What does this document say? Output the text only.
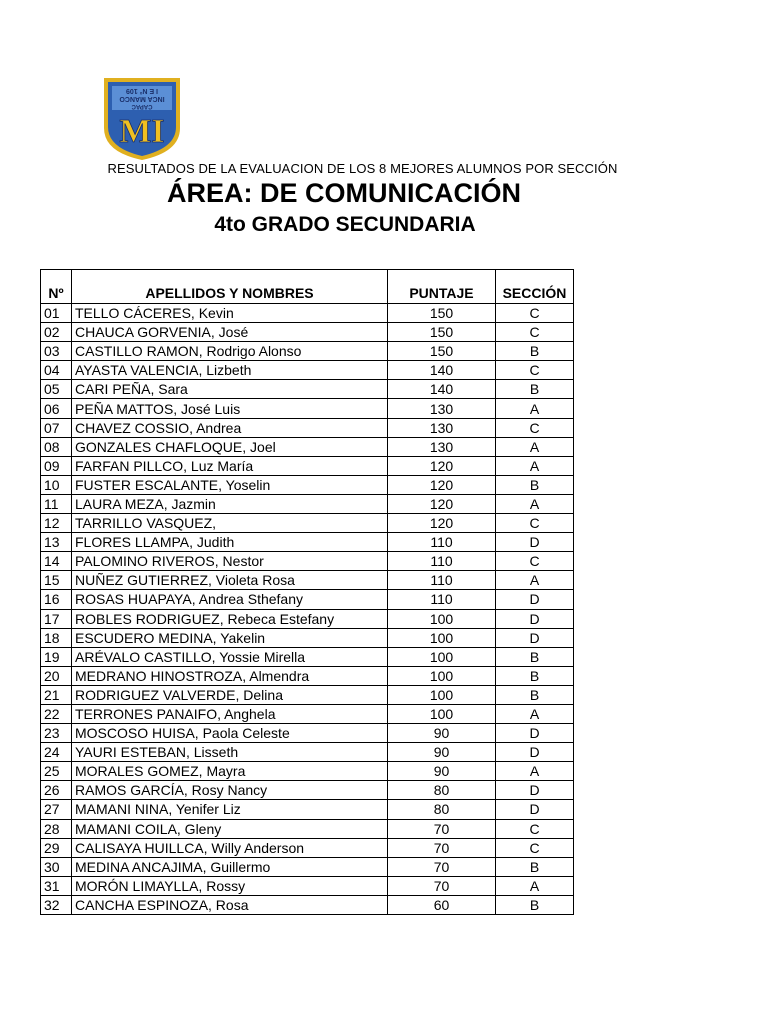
I E N° 109
INCA MANCO
CAPAC
MI
RESULTADOS DE LA EVALUACION DE LOS 8 MEJORES ALUMNOS POR SECCIÓN
ÁREA: DE COMUNICACIÓN
4to GRADO SECUNDARIA
Nº	APELLIDOS Y NOMBRES	PUNTAJE	SECCIÓN
01	TELLO CÁCERES, Kevin	150	C
02	CHAUCA GORVENIA, José	150	C
03	CASTILLO RAMON, Rodrigo Alonso	150	B
04	AYASTA VALENCIA, Lizbeth	140	C
05	CARI PEÑA, Sara	140	B
06	PEÑA MATTOS, José Luis	130	A
07	CHAVEZ COSSIO, Andrea	130	C
08	GONZALES CHAFLOQUE, Joel	130	A
09	FARFAN PILLCO, Luz María	120	A
10	FUSTER ESCALANTE, Yoselin	120	B
11	LAURA MEZA, Jazmin	120	A
12	TARRILLO VASQUEZ,	120	C
13	FLORES LLAMPA, Judith	110	D
14	PALOMINO RIVEROS, Nestor	110	C
15	NUÑEZ GUTIERREZ, Violeta Rosa	110	A
16	ROSAS HUAPAYA, Andrea Sthefany	110	D
17	ROBLES RODRIGUEZ, Rebeca Estefany	100	D
18	ESCUDERO MEDINA, Yakelin	100	D
19	ARÉVALO CASTILLO, Yossie Mirella	100	B
20	MEDRANO HINOSTROZA, Almendra	100	B
21	RODRIGUEZ VALVERDE, Delina	100	B
22	TERRONES PANAIFO, Anghela	100	A
23	MOSCOSO HUISA, Paola Celeste	90	D
24	YAURI ESTEBAN, Lisseth	90	D
25	MORALES GOMEZ, Mayra	90	A
26	RAMOS GARCÍA, Rosy Nancy	80	D
27	MAMANI NINA, Yenifer Liz	80	D
28	MAMANI COILA, Gleny	70	C
29	CALISAYA HUILLCA, Willy Anderson	70	C
30	MEDINA ANCAJIMA, Guillermo	70	B
31	MORÓN LIMAYLLA, Rossy	70	A
32	CANCHA ESPINOZA, Rosa	60	B
